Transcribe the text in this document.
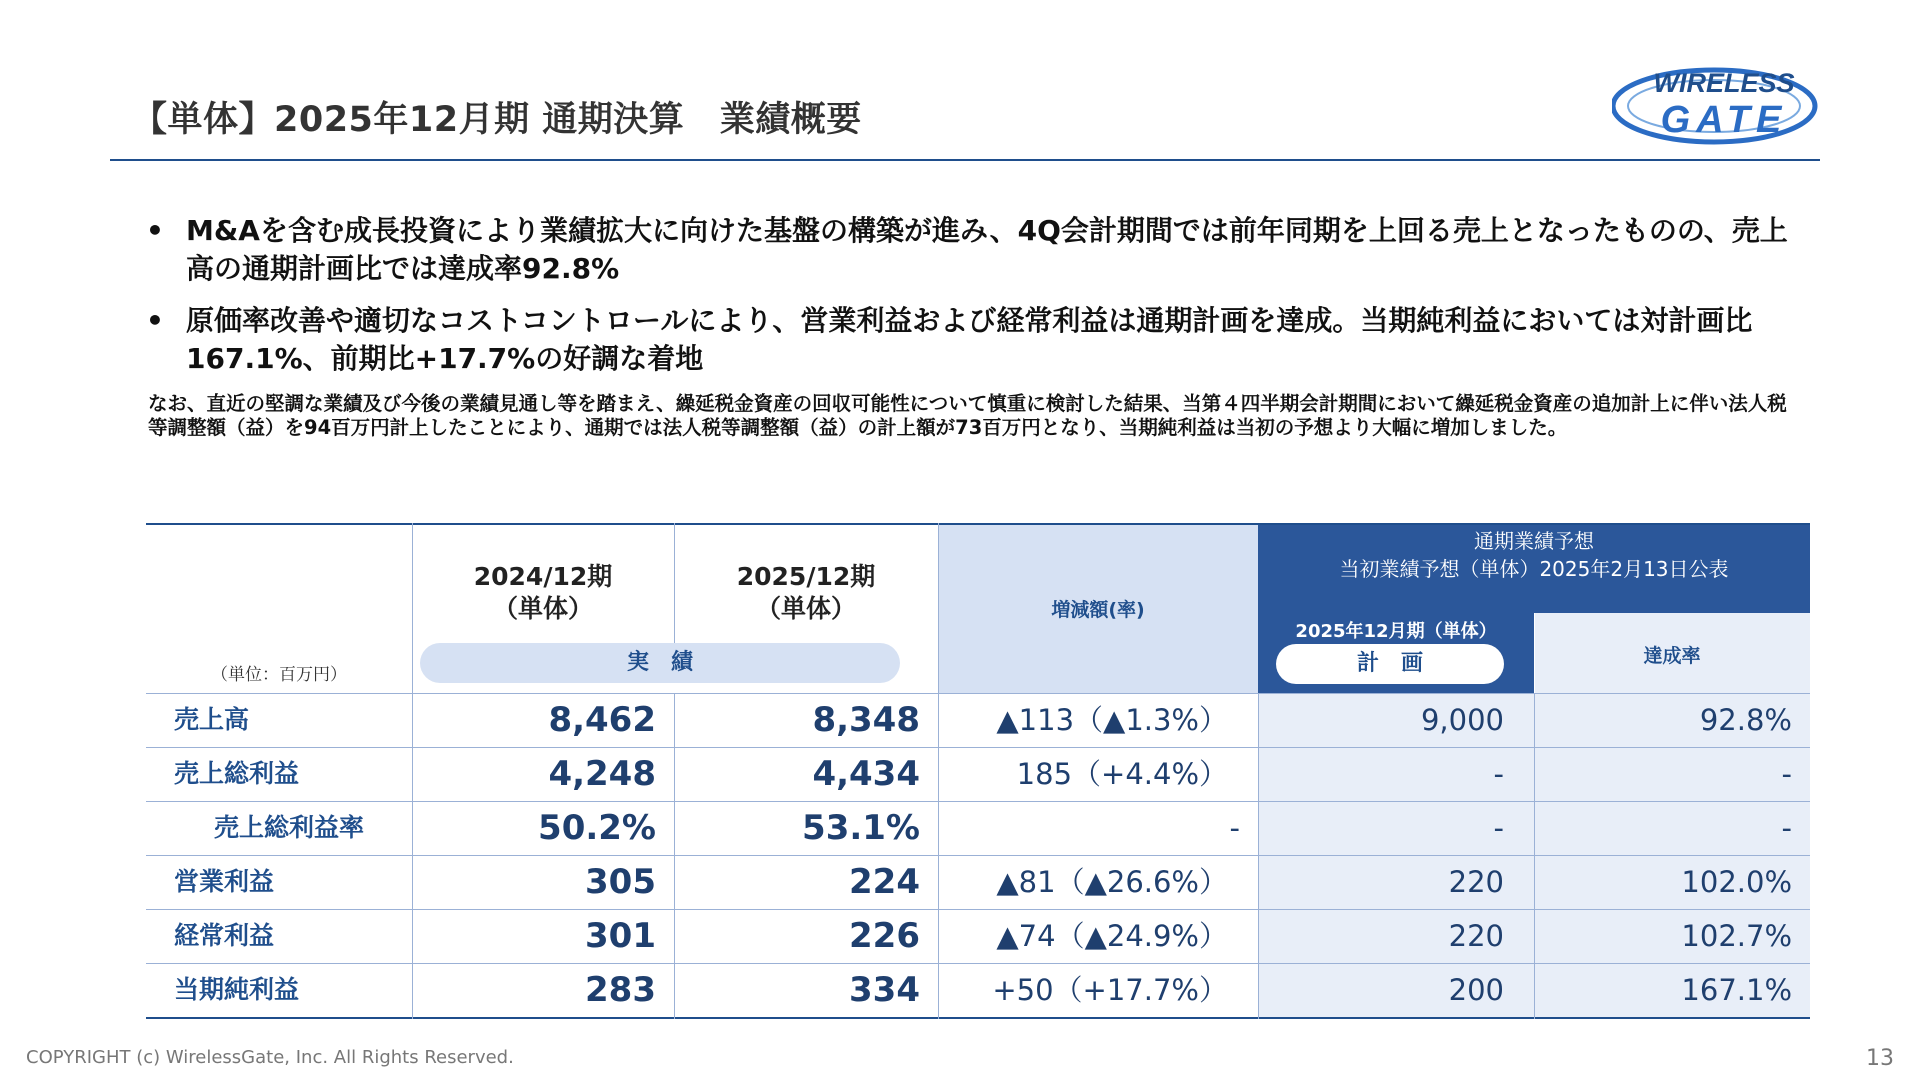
【単体】2025年12月期 通期決算　業績概要
WIRELESS
GATE
• M&Aを含む成長投資により業績拡大に向けた基盤の構築が進み、4Q会計期間では前年同期を上回る売上となったものの、売上高の通期計画比では達成率92.8%
• 原価率改善や適切なコストコントロールにより、営業利益および経常利益は通期計画を達成。当期純利益においては対計画比167.1%、前期比+17.7%の好調な着地
なお、直近の堅調な業績及び今後の業績見通し等を踏まえ、繰延税金資産の回収可能性について慎重に検討した結果、当第４四半期会計期間において繰延税金資産の追加計上に伴い法人税等調整額（益）を94百万円計上したことにより、通期では法人税等調整額（益）の計上額が73百万円となり、当期純利益は当初の予想より大幅に増加しました。
2024/12期
（単体）
2025/12期
（単体）
実　績
（単位：百万円）
増減額(率)
通期業績予想
当初業績予想（単体）2025年2月13日公表
2025年12月期（単体）
計　画	達成率
売上高	8,462	8,348	▲113（▲1.3%）	9,000	92.8%
売上総利益	4,248	4,434	185（+4.4%）	-	-
売上総利益率	50.2%	53.1%	-	-	-
営業利益	305	224	▲81（▲26.6%）	220	102.0%
経常利益	301	226	▲74（▲24.9%）	220	102.7%
当期純利益	283	334	+50（+17.7%）	200	167.1%
COPYRIGHT (c) WirelessGate, Inc. All Rights Reserved.	13
